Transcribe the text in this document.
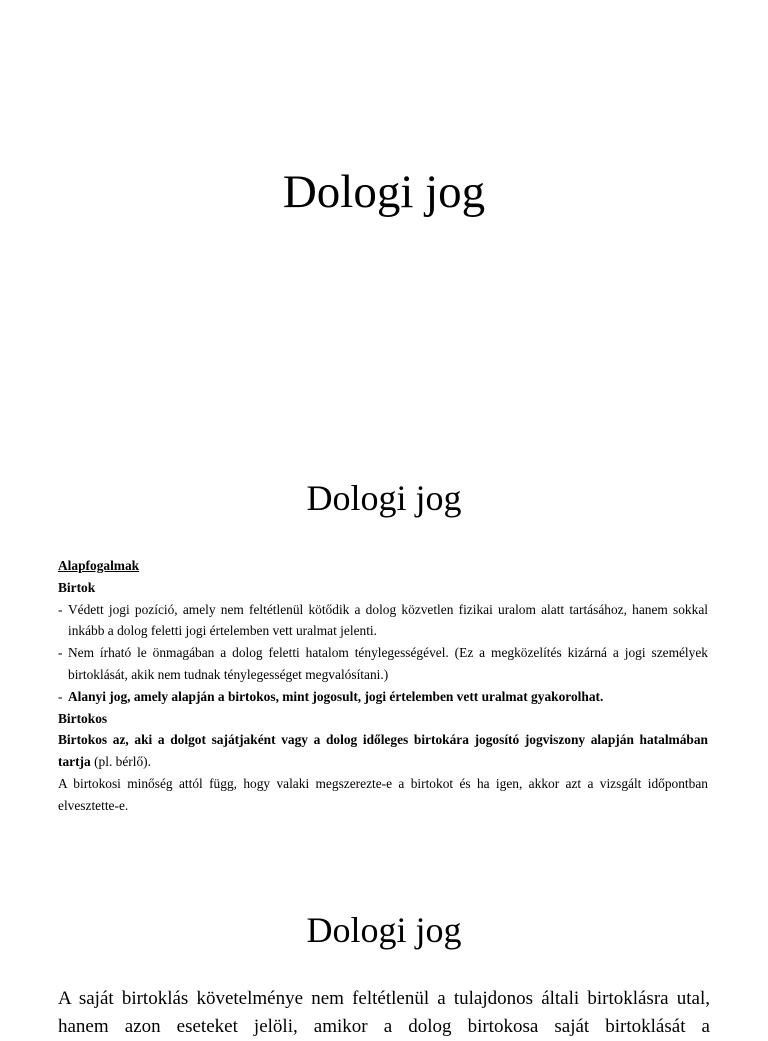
Dologi jog
Dologi jog

Alapfogalmak

Birtok

- Védett jogi pozíció, amely nem feltétlenül kötődik a dolog közvetlen fizikai uralom alatt tartásához, hanem sokkal inkább a dolog feletti jogi értelemben vett uralmat jelenti.
- Nem írható le önmagában a dolog feletti hatalom ténylegességével. (Ez a megközelítés kizárná a jogi személyek birtoklását, akik nem tudnak ténylegességet megvalósítani.)
- Alanyi jog, amely alapján a birtokos, mint jogosult, jogi értelemben vett uralmat gyakorolhat.

Birtokos

Birtokos az, aki a dolgot sajátjaként vagy a dolog időleges birtokára jogosító jogviszony alapján hatalmában tartja (pl. bérlő).

A birtokosi minőség attól függ, hogy valaki megszerezte-e a birtokot és ha igen, akkor azt a vizsgált időpontban elvesztette-e.

Dologi jog

A saját birtoklás követelménye nem feltétlenül a tulajdonos általi birtoklásra utal, hanem azon eseteket jelöli, amikor a dolog birtokosa saját birtoklását a
